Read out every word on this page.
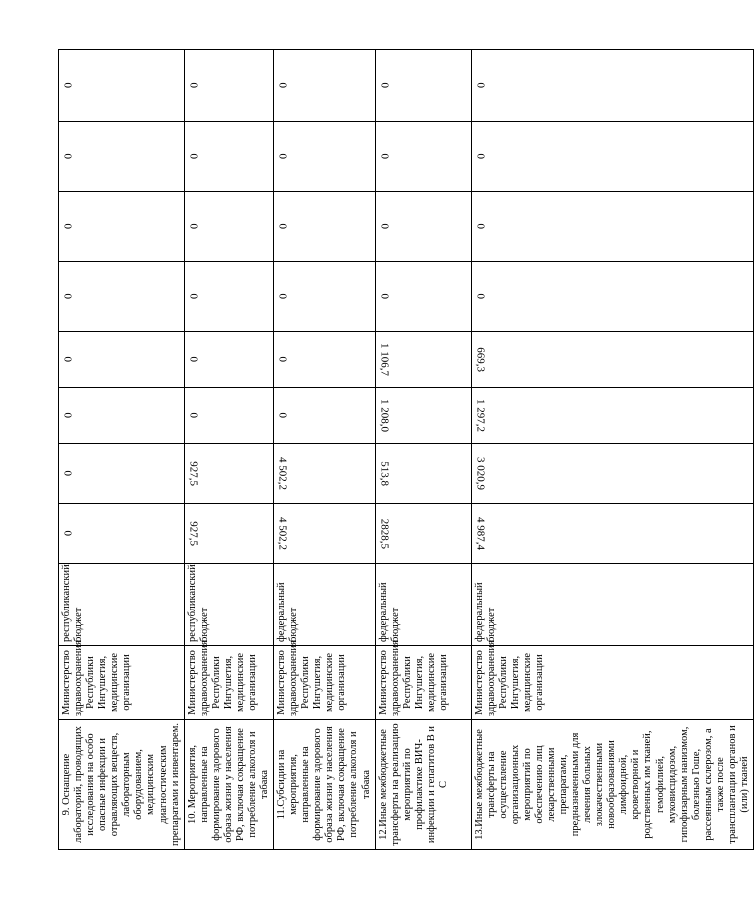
9. Оснащение лабораторий, проводящих исследования на особо опасные инфекции и отравляющих веществ, лабораторным оборудованием, медицинским диагностическим препаратами и инвентарем.	Министерство здравоохранения Республики Ингушетия, медицинские организации	республиканский бюджет	0	0	0	0	0	0	0	0
10. Мероприятия, направленные на формирование здорового образа жизни у населения РФ, включая сокращение потребление алкоголя и табака	Министерство здравоохранения Республики Ингушетия, медицинские организации	республиканский бюджет	927,5	927,5	0	0	0	0	0	0
11.Субсидии на мероприятия, направленные на формирование здорового образа жизни у населения РФ, включая сокращение потребление алкоголя и табака	Министерство здравоохранения Республики Ингушетия, медицинские организации	федеральный бюджет	4 502,2	4 502,2	0	0	0	0	0	0
12.Иные межбюджетные трансферты на реализацию мероприятий по профилактике ВИЧ-инфекции и гепатитов В и С	Министерство здравоохранения Республики Ингушетия, медицинские организации	федеральный бюджет	2828,5	513,8	1 208,0	1 106,7	0	0	0	0
13.Иные межбюджетные трансферты на осуществление организационных мероприятий по обеспечению лиц лекарственными препаратами, предназначенными для лечения больных злокачественными новообразованиями лимфоидной, кроветворной и родственных им тканей, гемофилией, муковисцидозом, гипофизарным нанизмом, болезнью Гоше, рассеянным склерозом, а также после трансплантации органов и (или) тканей	Министерство здравоохранения Республики Ингушетия, медицинские организации	федеральный бюджет	4 987,4	3 020,9	1 297,2	669,3	0	0	0	0
